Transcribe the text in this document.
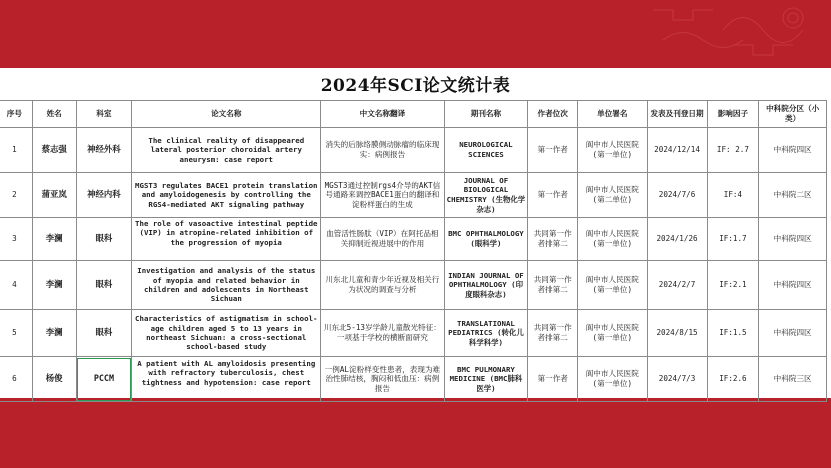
2024年SCI论文统计表
序号	姓名	科室	论文名称	中文名称翻译	期刊名称	作者位次	单位署名	发表及刊登日期	影响因子	中科院分区（小类）
1	蔡志强	神经外科	The clinical reality of disappeared lateral posterior choroidal artery aneurysm: case report	消失的后脉络膜侧动脉瘤的临床现实：病例报告	NEUROLOGICAL SCIENCES	第一作者	阆中市人民医院(第一单位)	2024/12/14	IF: 2.7	中科院四区
2	蒲亚岚	神经内科	MGST3 regulates BACE1 protein translation and amyloidogenesis by controlling the RGS4-mediated AKT signaling pathway	MGST3通过控制rgs4介导的AKT信号通路来调控BACE1蛋白的翻译和淀粉样蛋白的生成	JOURNAL OF BIOLOGICAL CHEMISTRY (生物化学杂志)	第一作者	阆中市人民医院(第二单位)	2024/7/6	IF:4	中科院二区
3	李澜	眼科	The role of vasoactive intestinal peptide (VIP) in atropine-related inhibition of the progression of myopia	血管活性肠肽（VIP）在阿托品相关抑制近视进展中的作用	BMC OPHTHALMOLOGY (眼科学)	共同第一作者排第二	阆中市人民医院(第一单位)	2024/1/26	IF:1.7	中科院四区
4	李澜	眼科	Investigation and analysis of the status of myopia and related behavior in children and adolescents in Northeast Sichuan	川东北儿童和青少年近视及相关行为状况的调查与分析	INDIAN JOURNAL OF OPHTHALMOLOGY (印度眼科杂志)	共同第一作者排第二	阆中市人民医院(第一单位)	2024/2/7	IF:2.1	中科院四区
5	李澜	眼科	Characteristics of astigmatism in school-age children aged 5 to 13 years in northeast Sichuan: a cross-sectional school-based study	川东北5-13岁学龄儿童散光特征：一项基于学校的横断面研究	TRANSLATIONAL PEDIATRICS (转化儿科学科学)	共同第一作者排第二	阆中市人民医院(第一单位)	2024/8/15	IF:1.5	中科院四区
6	杨俊	PCCM	A patient with AL amyloidosis presenting with refractory tuberculosis, chest tightness and hypotension: case report	一例AL淀粉样变性患者，表现为难治性肺结核，胸闷和低血压：病例报告	BMC PULMONARY MEDICINE (BMC肺科医学)	第一作者	阆中市人民医院(第一单位)	2024/7/3	IF:2.6	中科院三区
